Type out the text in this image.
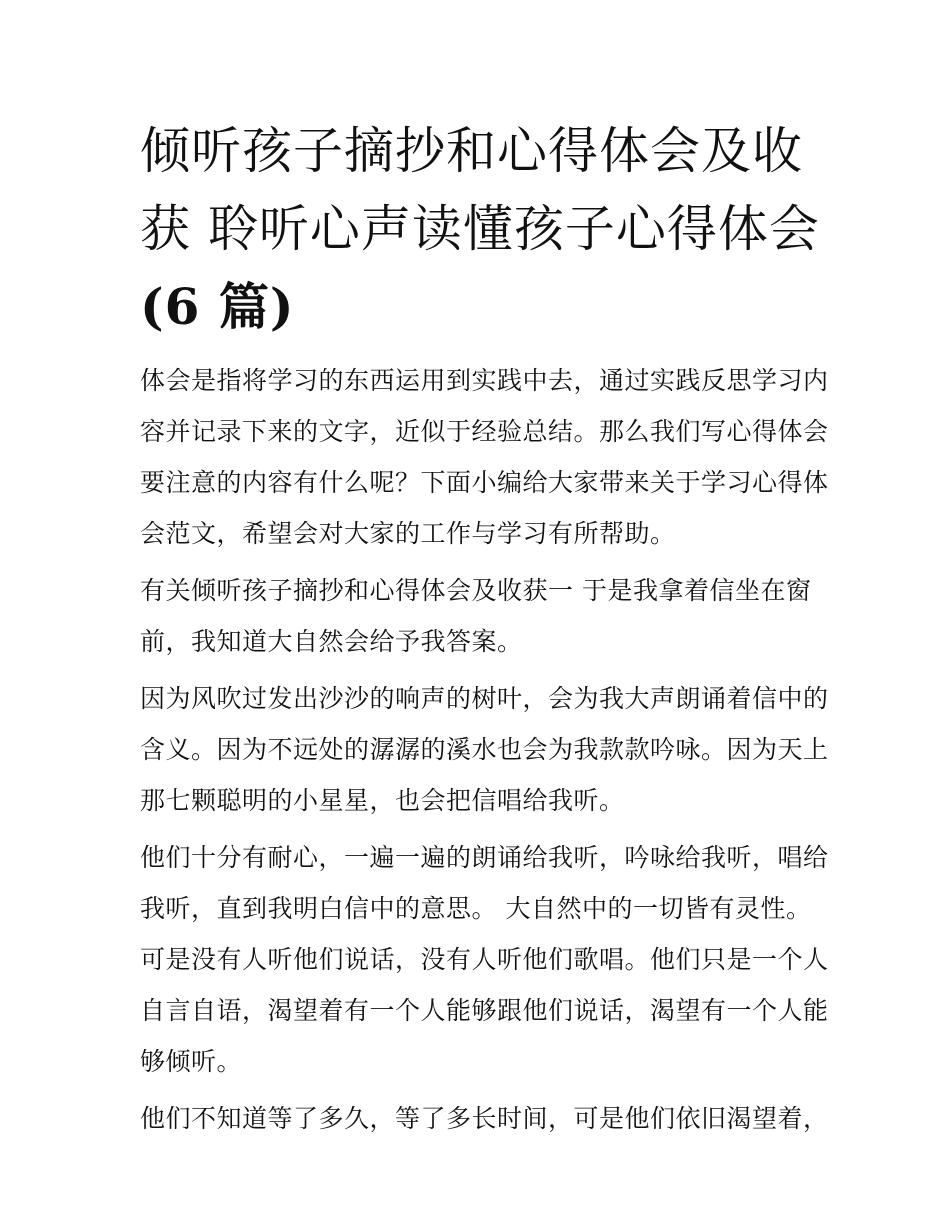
倾听孩子摘抄和心得体会及收
获 聆听心声读懂孩子心得体会
(6 篇)

体会是指将学习的东西运用到实践中去，通过实践反思学习内
容并记录下来的文字，近似于经验总结。那么我们写心得体会
要注意的内容有什么呢？下面小编给大家带来关于学习心得体
会范文，希望会对大家的工作与学习有所帮助。

有关倾听孩子摘抄和心得体会及收获一 于是我拿着信坐在窗
前，我知道大自然会给予我答案。

因为风吹过发出沙沙的响声的树叶，会为我大声朗诵着信中的
含义。因为不远处的潺潺的溪水也会为我款款吟咏。因为天上
那七颗聪明的小星星，也会把信唱给我听。

他们十分有耐心，一遍一遍的朗诵给我听，吟咏给我听，唱给
我听，直到我明白信中的意思。 大自然中的一切皆有灵性。
可是没有人听他们说话，没有人听他们歌唱。他们只是一个人
自言自语，渴望着有一个人能够跟他们说话，渴望有一个人能
够倾听。

他们不知道等了多久，等了多长时间，可是他们依旧渴望着，
